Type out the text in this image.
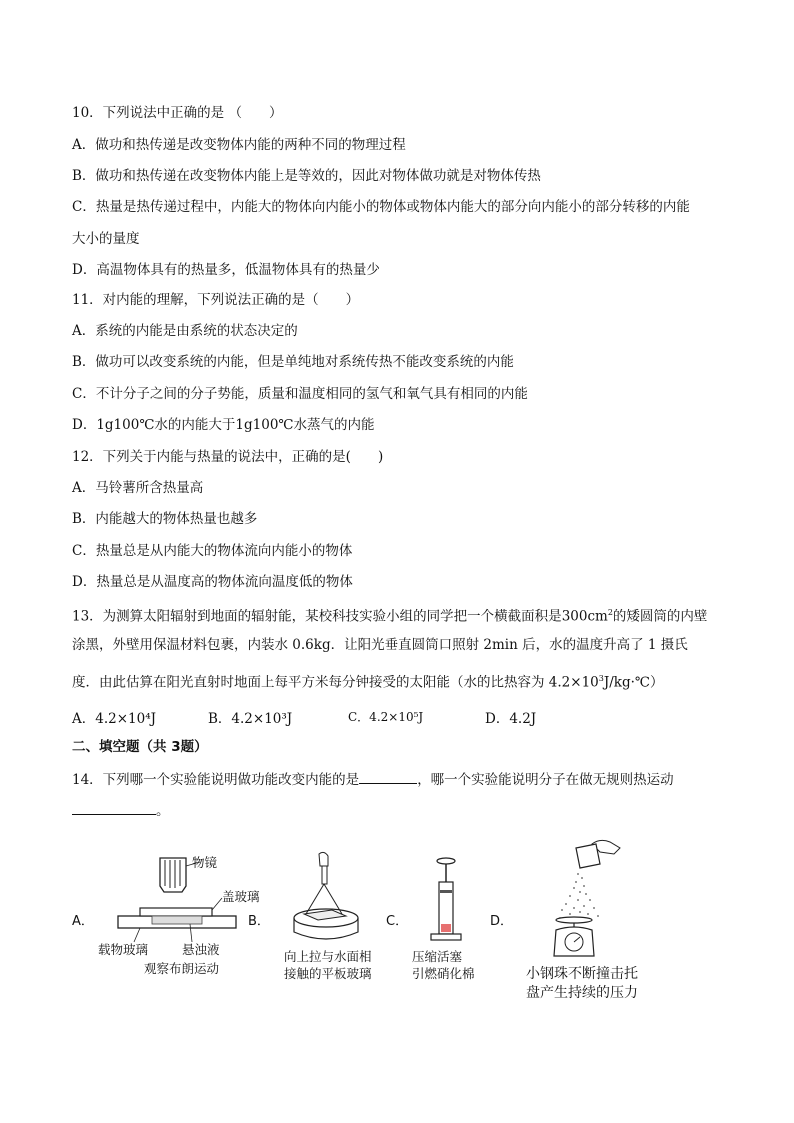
10．下列说法中正确的是 （　　）
A．做功和热传递是改变物体内能的两种不同的物理过程
B．做功和热传递在改变物体内能上是等效的，因此对物体做功就是对物体传热
C．热量是热传递过程中，内能大的物体向内能小的物体或物体内能大的部分向内能小的部分转移的内能
大小的量度
D．高温物体具有的热量多，低温物体具有的热量少
11．对内能的理解，下列说法正确的是（　　）
A．系统的内能是由系统的状态决定的
B．做功可以改变系统的内能，但是单纯地对系统传热不能改变系统的内能
C．不计分子之间的分子势能，质量和温度相同的氢气和氧气具有相同的内能
D．1g100℃水的内能大于1g100℃水蒸气的内能
12．下列关于内能与热量的说法中，正确的是(　　)
A．马铃薯所含热量高
B．内能越大的物体热量也越多
C．热量总是从内能大的物体流向内能小的物体
D．热量总是从温度高的物体流向温度低的物体
13．为测算太阳辐射到地面的辐射能，某校科技实验小组的同学把一个横截面积是$300cm^2$的矮圆筒的内壁
涂黑，外壁用保温材料包裹，内装水 0.6kg．让阳光垂直圆筒口照射 2min 后，水的温度升高了 1 摄氏
度．由此估算在阳光直射时地面上每平方米每分钟接受的太阳能（水的比热容为 $4.2\times 10^3J/kg\cdot℃$）
A．4.2×10⁴J	B．4.2×10³J	C．4.2×10⁵J	D．4.2J
二、填空题（共 3题）
14．下列哪一个实验能说明做功能改变内能的是	，哪一个实验能说明分子在做无规则热运动
。
A．
物镜
盖玻璃
载物玻璃	悬浊液
观察布朗运动
B．
向上拉与水面相
接触的平板玻璃
C．
压缩活塞
引燃硝化棉
D．
小钢珠不断撞击托
盘产生持续的压力
